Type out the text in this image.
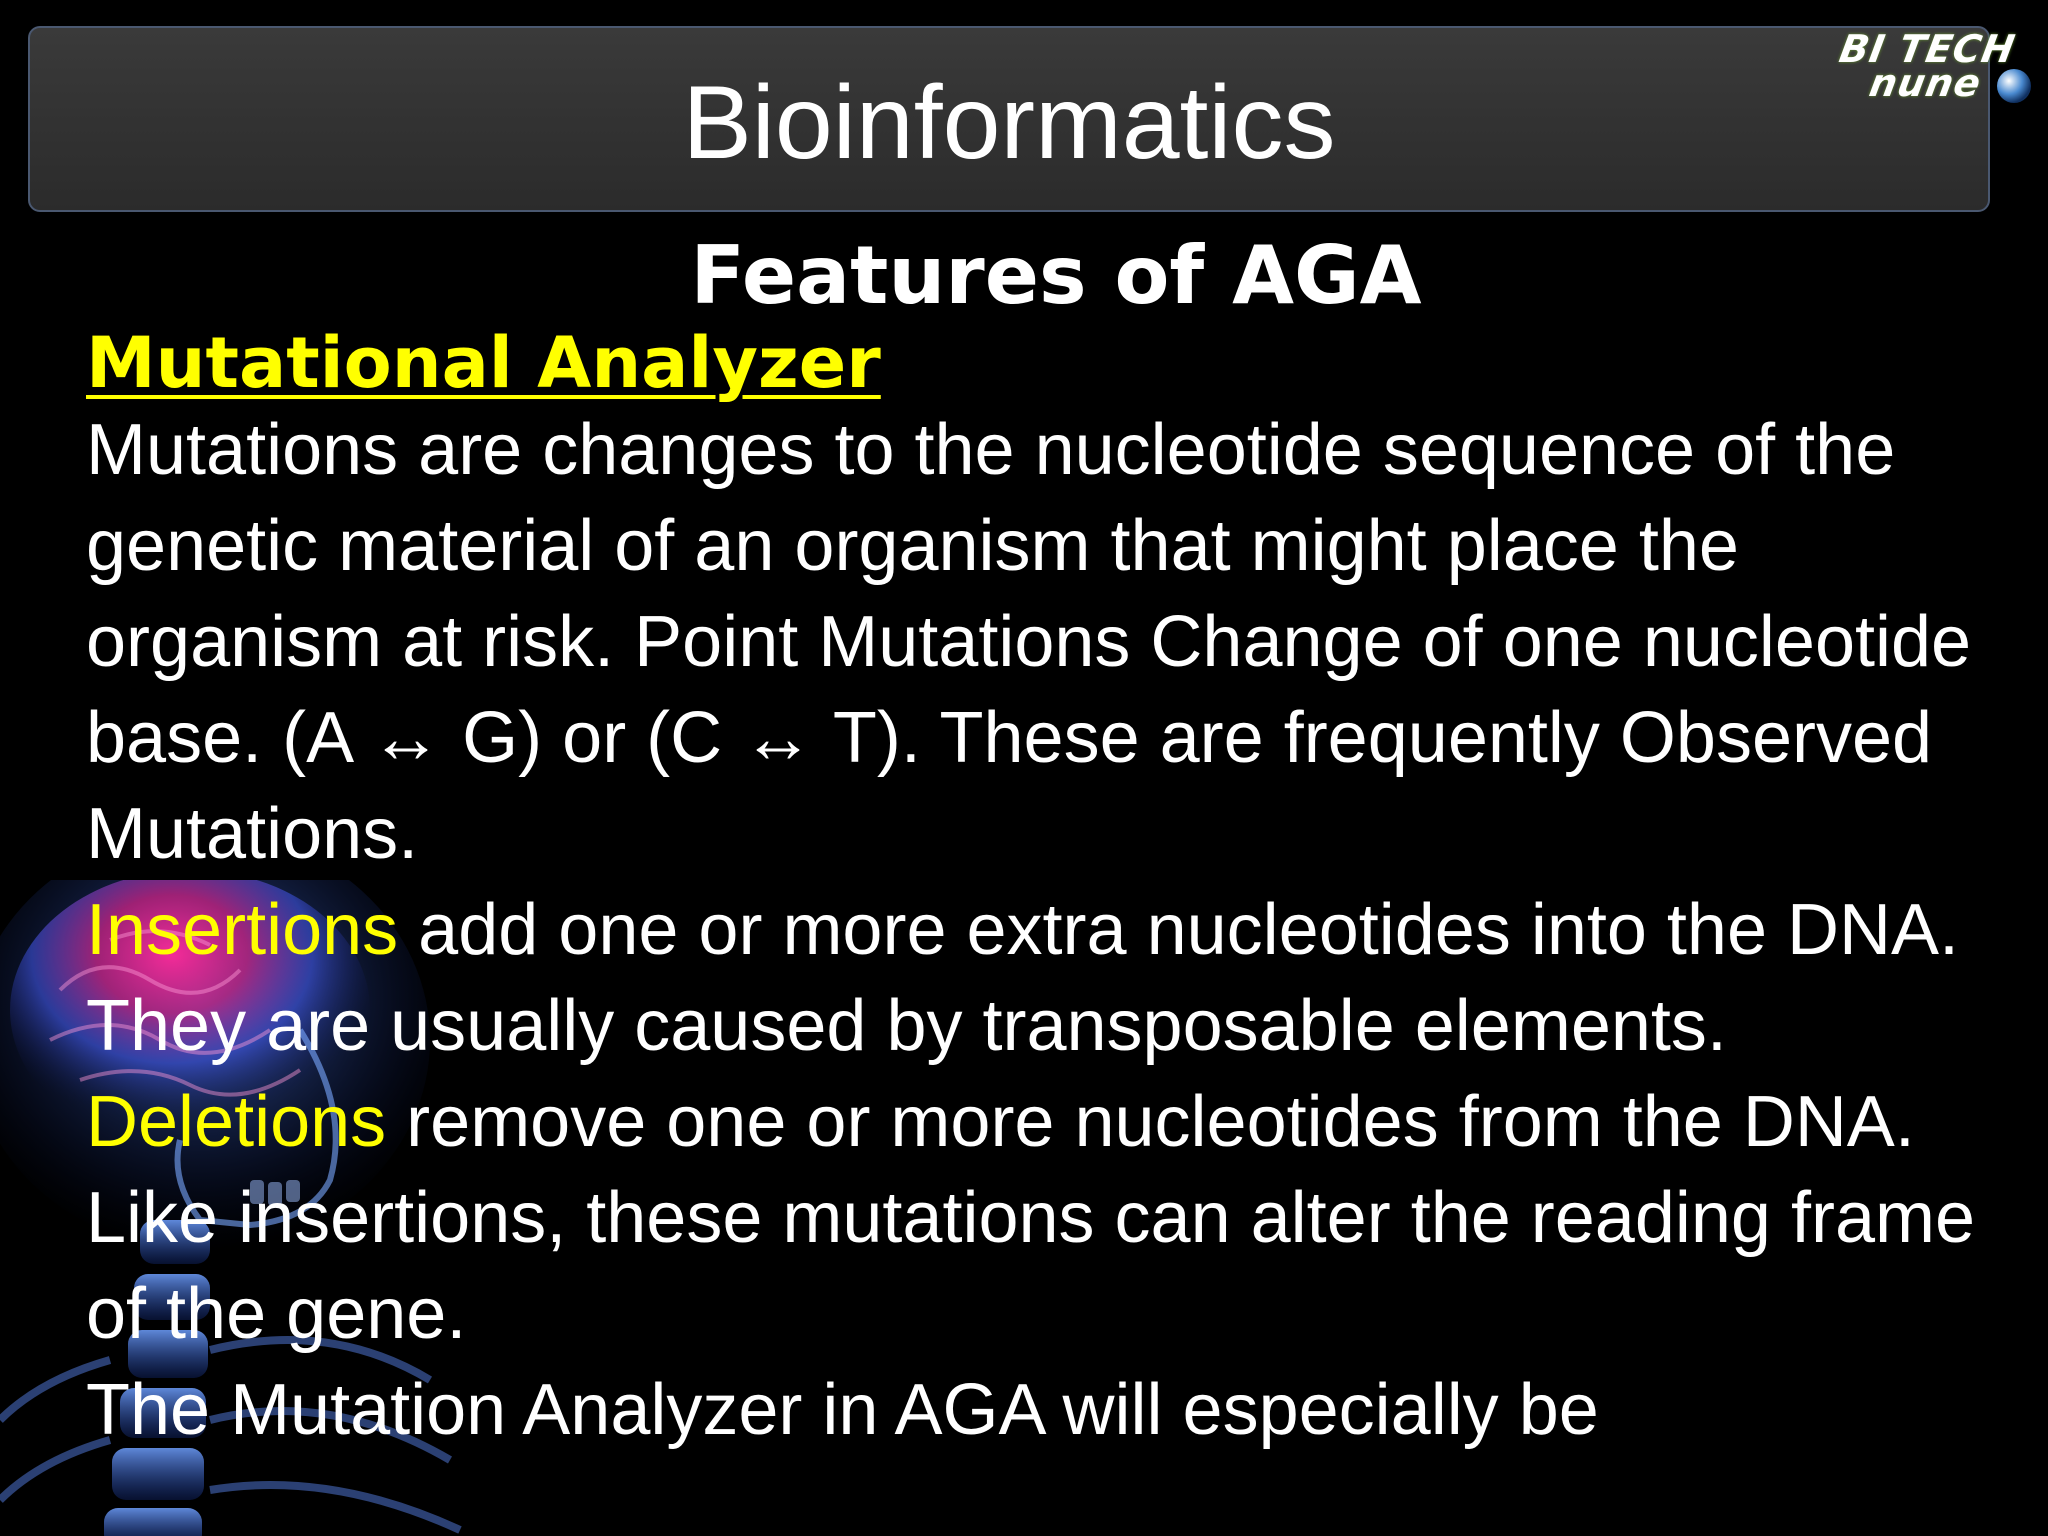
Bioinformatics
BI TECH
nune
Features of AGA
Mutational Analyzer

Mutations are changes to the nucleotide sequence of the genetic material of an organism that might place the organism at risk. Point Mutations Change of one nucleotide base. (A ↔ G) or (C ↔ T). These are frequently Observed Mutations.

Insertions add one or more extra nucleotides into the DNA. They are usually caused by transposable elements.

Deletions remove one or more nucleotides from the DNA. Like insertions, these mutations can alter the reading frame of the gene.

The Mutation Analyzer in AGA will especially be
